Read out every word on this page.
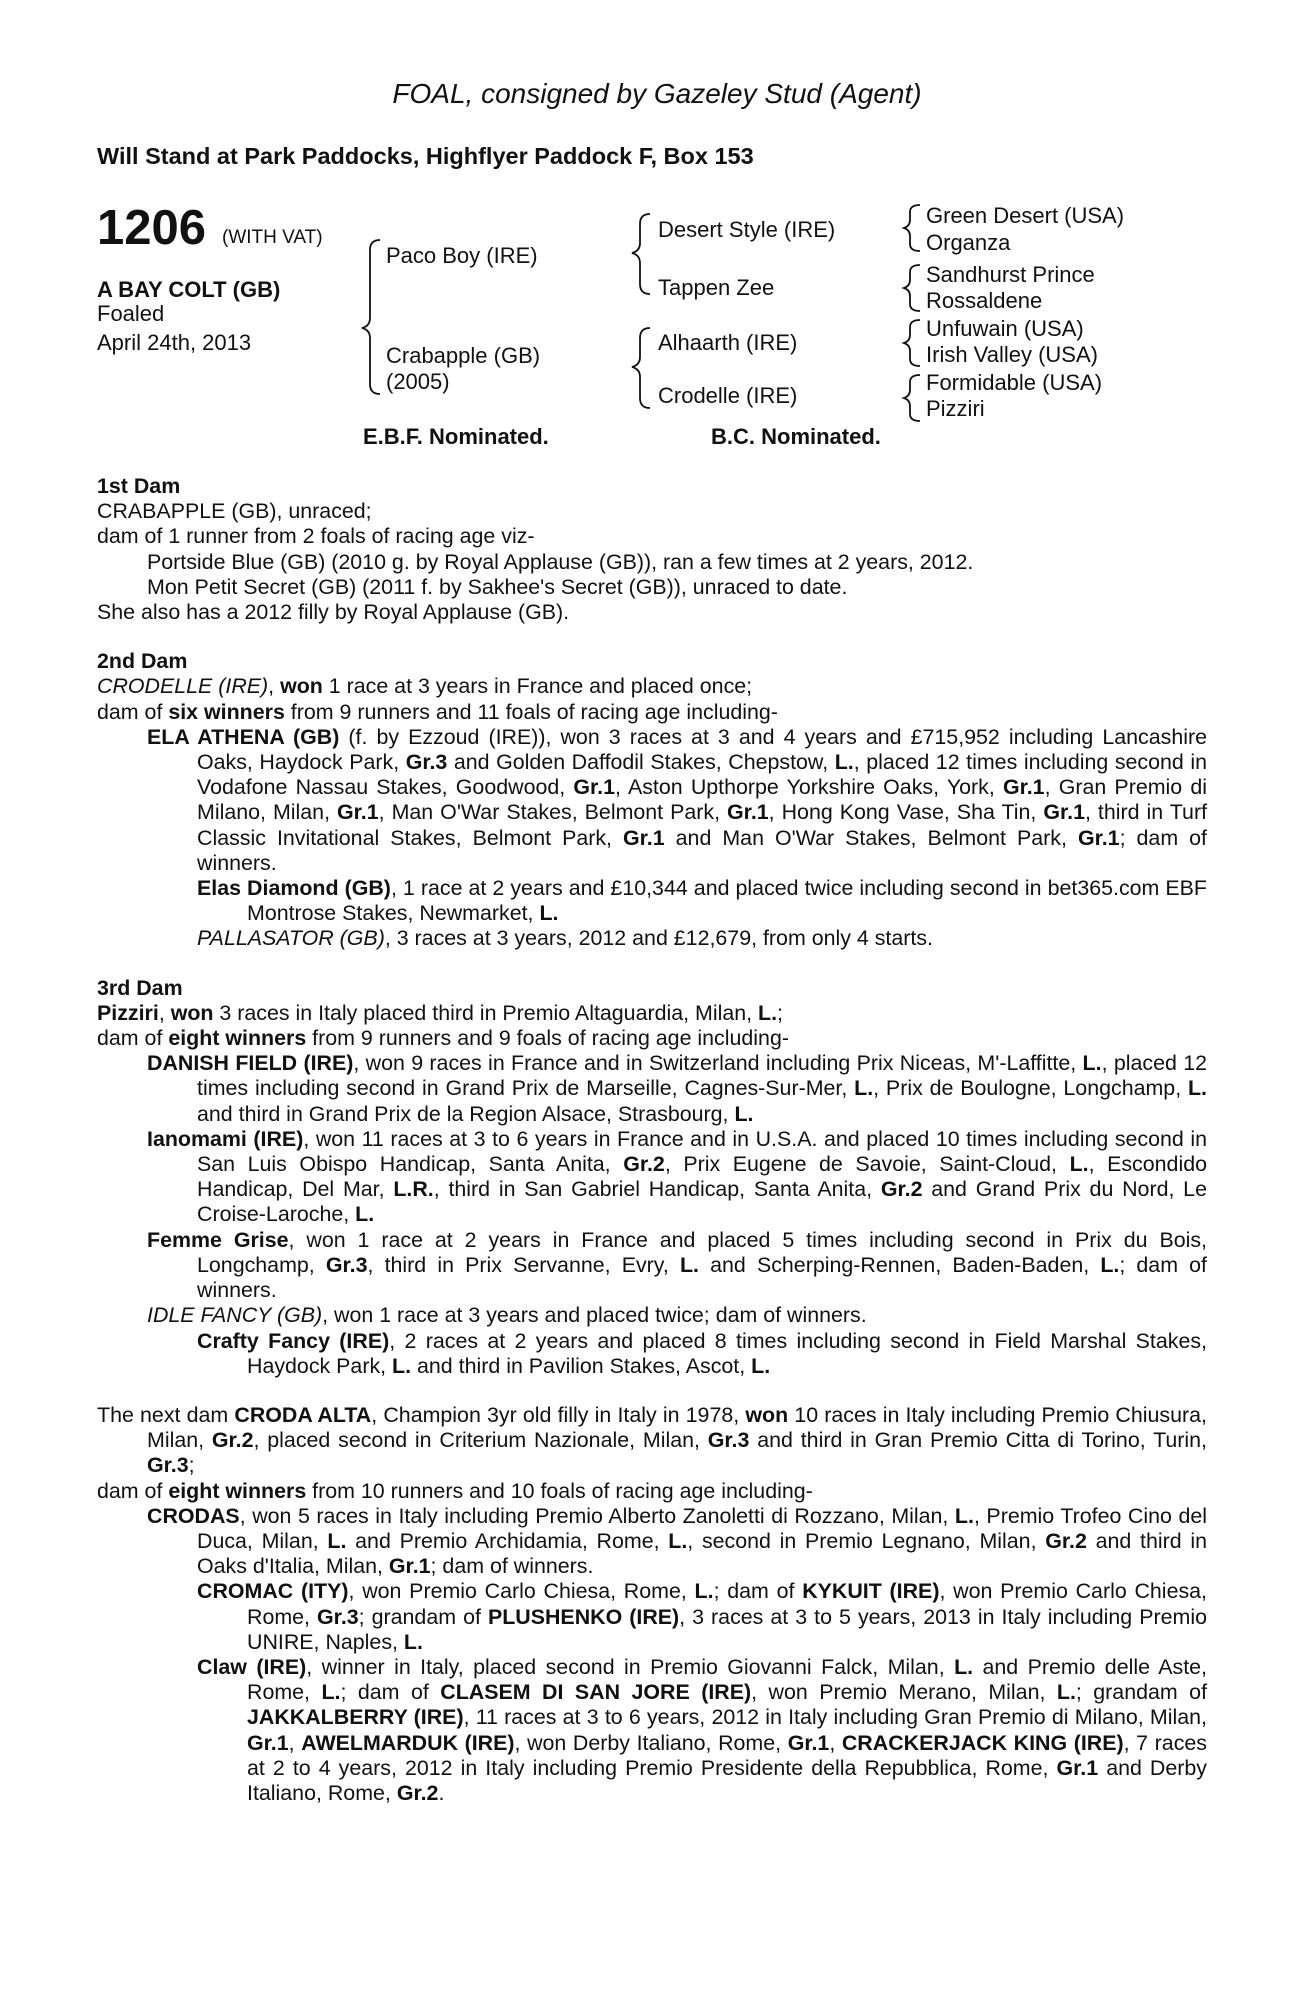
FOAL, consigned by Gazeley Stud (Agent)
Will Stand at Park Paddocks, Highflyer Paddock F, Box 153
1206 (WITH VAT)
A BAY COLT (GB)
Foaled
April 24th, 2013
Paco Boy (IRE)
Crabapple (GB)
(2005)
Desert Style (IRE)
Tappen Zee
Alhaarth (IRE)
Crodelle (IRE)
Green Desert (USA)
Organza
Sandhurst Prince
Rossaldene
Unfuwain (USA)
Irish Valley (USA)
Formidable (USA)
Pizziri
E.B.F. Nominated.	B.C. Nominated.

1st Dam

CRABAPPLE (GB), unraced;

dam of 1 runner from 2 foals of racing age viz-

Portside Blue (GB) (2010 g. by Royal Applause (GB)), ran a few times at 2 years, 2012.

Mon Petit Secret (GB) (2011 f. by Sakhee's Secret (GB)), unraced to date.

She also has a 2012 filly by Royal Applause (GB).

2nd Dam

CRODELLE (IRE), won 1 race at 3 years in France and placed once;

dam of six winners from 9 runners and 11 foals of racing age including-

ELA ATHENA (GB) (f. by Ezzoud (IRE)), won 3 races at 3 and 4 years and £715,952 including Lancashire Oaks, Haydock Park, Gr.3 and Golden Daffodil Stakes, Chepstow, L., placed 12 times including second in Vodafone Nassau Stakes, Goodwood, Gr.1, Aston Upthorpe Yorkshire Oaks, York, Gr.1, Gran Premio di Milano, Milan, Gr.1, Man O'War Stakes, Belmont Park, Gr.1, Hong Kong Vase, Sha Tin, Gr.1, third in Turf Classic Invitational Stakes, Belmont Park, Gr.1 and Man O'War Stakes, Belmont Park, Gr.1; dam of winners.

Elas Diamond (GB), 1 race at 2 years and £10,344 and placed twice including second in bet365.com EBF Montrose Stakes, Newmarket, L.

PALLASATOR (GB), 3 races at 3 years, 2012 and £12,679, from only 4 starts.

3rd Dam

Pizziri, won 3 races in Italy placed third in Premio Altaguardia, Milan, L.;

dam of eight winners from 9 runners and 9 foals of racing age including-

DANISH FIELD (IRE), won 9 races in France and in Switzerland including Prix Niceas, M'-Laffitte, L., placed 12 times including second in Grand Prix de Marseille, Cagnes-Sur-Mer, L., Prix de Boulogne, Longchamp, L. and third in Grand Prix de la Region Alsace, Strasbourg, L.

Ianomami (IRE), won 11 races at 3 to 6 years in France and in U.S.A. and placed 10 times including second in San Luis Obispo Handicap, Santa Anita, Gr.2, Prix Eugene de Savoie, Saint-Cloud, L., Escondido Handicap, Del Mar, L.R., third in San Gabriel Handicap, Santa Anita, Gr.2 and Grand Prix du Nord, Le Croise-Laroche, L.

Femme Grise, won 1 race at 2 years in France and placed 5 times including second in Prix du Bois, Longchamp, Gr.3, third in Prix Servanne, Evry, L. and Scherping-Rennen, Baden-Baden, L.; dam of winners.

IDLE FANCY (GB), won 1 race at 3 years and placed twice; dam of winners.

Crafty Fancy (IRE), 2 races at 2 years and placed 8 times including second in Field Marshal Stakes, Haydock Park, L. and third in Pavilion Stakes, Ascot, L.

The next dam CRODA ALTA, Champion 3yr old filly in Italy in 1978, won 10 races in Italy including Premio Chiusura, Milan, Gr.2, placed second in Criterium Nazionale, Milan, Gr.3 and third in Gran Premio Citta di Torino, Turin, Gr.3;

dam of eight winners from 10 runners and 10 foals of racing age including-

CRODAS, won 5 races in Italy including Premio Alberto Zanoletti di Rozzano, Milan, L., Premio Trofeo Cino del Duca, Milan, L. and Premio Archidamia, Rome, L., second in Premio Legnano, Milan, Gr.2 and third in Oaks d'Italia, Milan, Gr.1; dam of winners.

CROMAC (ITY), won Premio Carlo Chiesa, Rome, L.; dam of KYKUIT (IRE), won Premio Carlo Chiesa, Rome, Gr.3; grandam of PLUSHENKO (IRE), 3 races at 3 to 5 years, 2013 in Italy including Premio UNIRE, Naples, L.

Claw (IRE), winner in Italy, placed second in Premio Giovanni Falck, Milan, L. and Premio delle Aste, Rome, L.; dam of CLASEM DI SAN JORE (IRE), won Premio Merano, Milan, L.; grandam of JAKKALBERRY (IRE), 11 races at 3 to 6 years, 2012 in Italy including Gran Premio di Milano, Milan, Gr.1, AWELMARDUK (IRE), won Derby Italiano, Rome, Gr.1, CRACKERJACK KING (IRE), 7 races at 2 to 4 years, 2012 in Italy including Premio Presidente della Repubblica, Rome, Gr.1 and Derby Italiano, Rome, Gr.2.
